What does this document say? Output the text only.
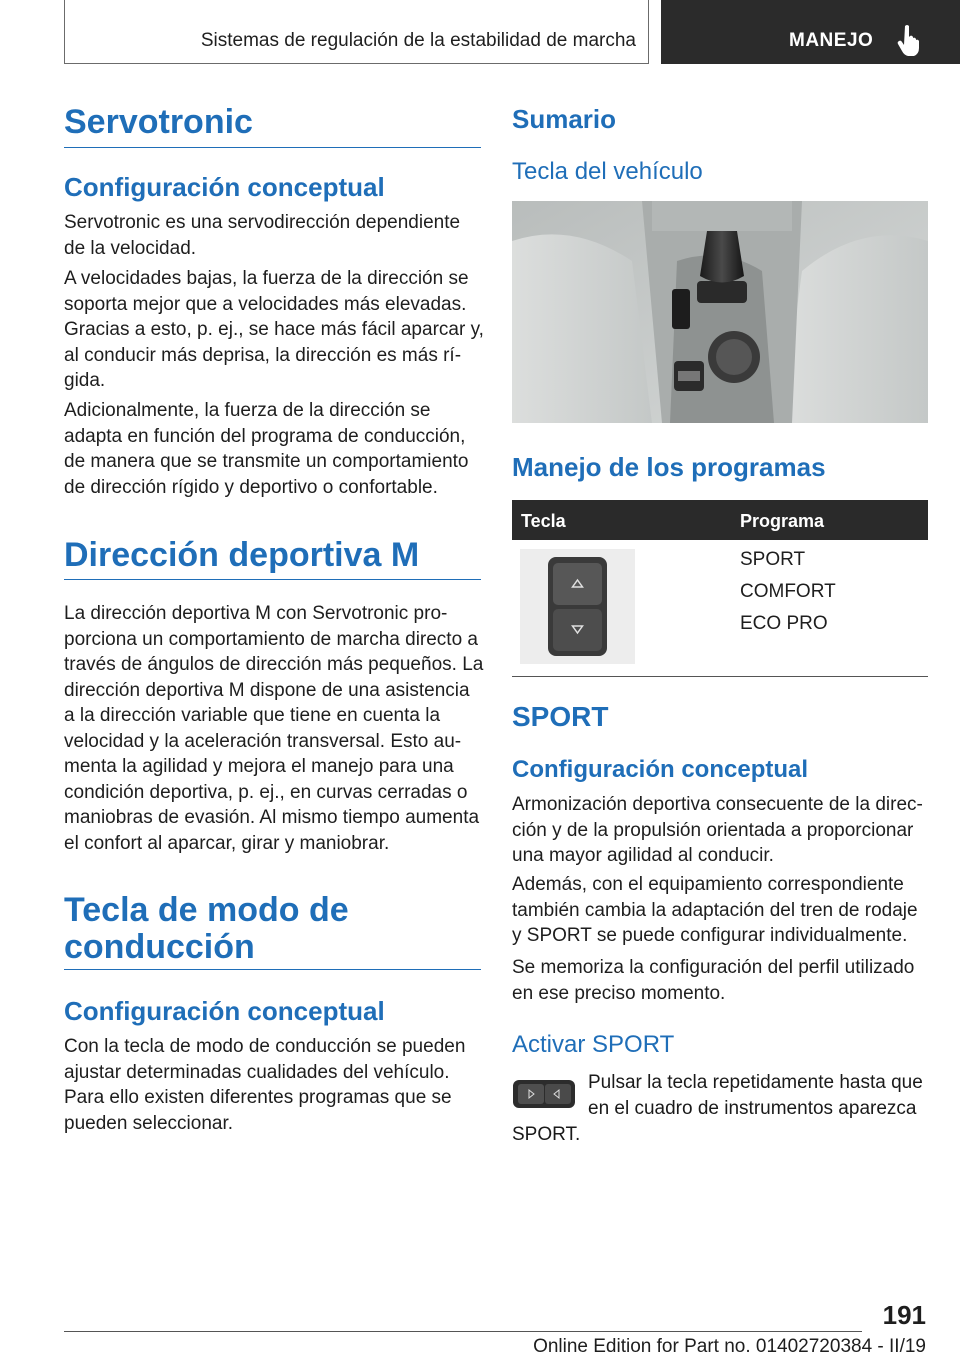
Sistemas de regulación de la estabilidad de marcha	MANEJO
Servotronic
Configuración conceptual

Servotronic es una servodirección dependiente de la velocidad.

A velocidades bajas, la fuerza de la dirección se soporta mejor que a velocidades más elevadas. Gracias a esto, p. ej., se hace más fácil aparcar y, al conducir más deprisa, la dirección es más rígida.

Adicionalmente, la fuerza de la dirección se adapta en función del programa de conducción, de manera que se transmite un comportamiento de dirección rígido y deportivo o confortable.

Dirección deportiva M

La dirección deportiva M con Servotronic proporciona un comportamiento de marcha directo a través de ángulos de dirección más pequeños. La dirección deportiva M dispone de una asistencia a la dirección variable que tiene en cuenta la velocidad y la aceleración transversal. Esto aumenta la agilidad y mejora el manejo para una condición deportiva, p. ej., en curvas cerradas o maniobras de evasión. Al mismo tiempo aumenta el confort al aparcar, girar y maniobrar.

Tecla de modo de
conducción
Configuración conceptual

Con la tecla de modo de conducción se pueden ajustar determinadas cualidades del vehículo. Para ello existen diferentes programas que se pueden seleccionar.

Sumario
Tecla del vehículo
Manejo de los programas
Tecla	Programa
SPORT
COMFORT
ECO PRO
SPORT
Configuración conceptual

Armonización deportiva consecuente de la dirección y de la propulsión orientada a proporcionar una mayor agilidad al conducir.

Además, con el equipamiento correspondiente también cambia la adaptación del tren de rodaje y SPORT se puede configurar individualmente.

Se memoriza la configuración del perfil utilizado en ese preciso momento.

Activar SPORT
Pulsar la tecla repetidamente hasta que
en el cuadro de instrumentos aparezca
SPORT.
191
Online Edition for Part no. 01402720384 - II/19
